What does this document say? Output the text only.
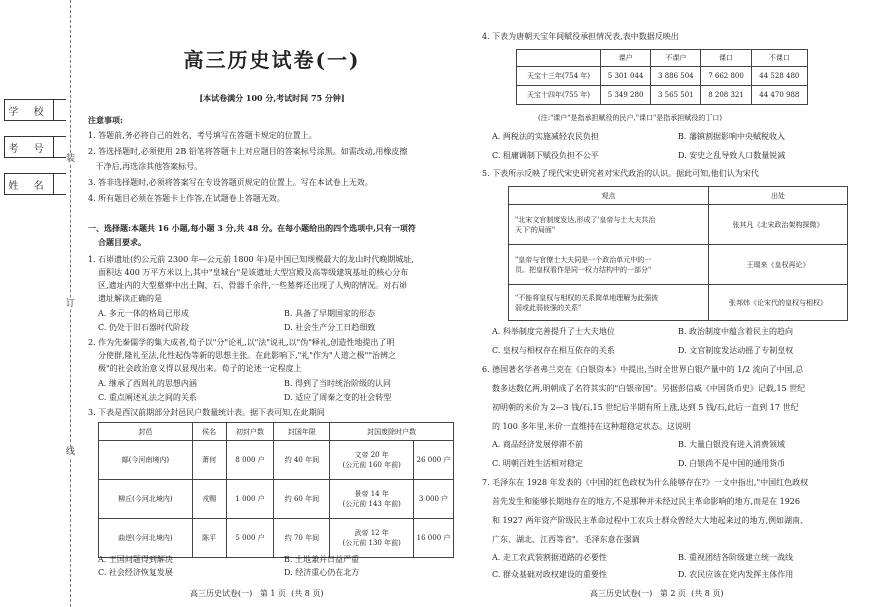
装
订
线
学 校
考 号
姓 名
高三历史试卷(一)
[本试卷满分 100 分,考试时间 75 分钟]
注意事项:
1. 答题前,务必将自己的姓名、考号填写在答题卡规定的位置上。
2. 答选择题时,必须使用 2B 铅笔将答题卡上对应题目的答案标号涂黑。如需改动,用橡皮擦
干净后,再选涂其他答案标号。
3. 答非选择题时,必须将答案写在专设答题页规定的位置上。写在本试卷上无效。
4. 所有题目必须在答题卡上作答,在试题卷上答题无效。
一、选择题:本题共 16 小题,每小题 3 分,共 48 分。在每小题给出的四个选项中,只有一项符
合题目要求。
1. 石峁遗址(约公元前 2300 年—公元前 1800 年)是中国已知规模最大的龙山时代晚期城址,
面积达 400 万平方米以上,其中"皇城台"是该遗址大型宫殿及高等级建筑基址的核心分布
区,遗址内的大型墓葬中出土陶、石、骨器千余件,一些墓葬还出现了人殉的情况。对石峁
遗址解读正确的是
A. 多元一体的格局已形成	B. 具备了早期国家的形态
C. 仍处于旧石器时代阶段	D. 社会生产分工日趋细致
2. 作为先秦儒学的集大成者,荀子以"分"论礼,以"法"说礼,以"伪"释礼,创造性地提出了明
分使群,隆礼至法,化性起伪等新的思想主张。在此影响下,"礼"作为"人道之极""治辨之
极"的社会政治意义得以显现出来。荀子的论述一定程度上
A. 继承了西周礼的思想内涵	B. 得到了当时统治阶级的认同
C. 重点阐述礼法之间的关系	D. 适应了周秦之变的社会转型
3. 下表是西汉前期部分封邑民户数量统计表。据下表可知,在此期间
封邑	侯名	初封户数	封国年限	封国废除时户数	
鄗(今河南境内)	萧何	8 000 户	约 40 年间	文帝 20 年
(公元前 160 年前)	26 000 户
柳丘(今河北境内)	戎赐	1 000 户	约 60 年间	景帝 14 年
(公元前 143 年前)	3 000 户
曲逆(今河北境内)	陈平	5 000 户	约 70 年间	武帝 12 年
(公元前 130 年前)	16 000 户
A. 王国问题得到解决	B. 土地兼并日益严重
C. 社会经济恢复发展	D. 经济重心仍在北方
高三历史试卷(一)   第 1 页  (共 8 页)
4. 下表为唐朝天宝年间赋役承担情况表,表中数据反映出
	课户	不课户	课口	不课口
天宝十三年(754 年)	5 301 044	3 886 504	7 662 800	44 528 480
天宝十四年(755 年)	5 349 280	3 565 501	8 208 321	44 470 988
(注:"课户"是指承担赋役的民户,"课口"是指承担赋役的丁口)
A. 两税法的实施减轻农民负担	B. 藩镇割据影响中央赋税收入
C. 租庸调制下赋役负担不公平	D. 安史之乱导致人口数量锐减
5. 下表所示反映了现代宋史研究者对宋代政治的认识。据此可知,他们认为宋代
观点	出处

"北宋文官制度发达,形成了'皇帝与士大夫共治
天下'的局面"	张其凡《北宋政治架构探微》

"皇帝与官僚士大夫同是一个政治单元中的一
员。把皇权看作是同一权力结构中的一部分"	王瑞来《皇权再论》

"不能将皇权与相权的关系简单地理解为此强彼
弱或此弱彼强的关系"	张邦炜《论宋代的皇权与相权》
A. 科举制度完善提升了士大夫地位	B. 政治制度中蕴含着民主的趋向
C. 皇权与相权存在相互依存的关系	D. 文官制度发达动摇了专制皇权
6. 德国著名学者弗兰克在《白银资本》中提出,当时全世界白银产量中的 1/2 流向了中国,总
数多达数亿两,明朝成了名符其实的"白银帝国"。另据彭信威《中国货币史》记载,15 世纪
初明朝的米价为 2—3 钱/石,15 世纪后半期有所上涨,达到 5 钱/石,此后一直到 17 世纪
的 100 多年里,米价一直维持在这种超稳定状态。这说明
A. 商品经济发展停滞不前	B. 大量白银没有进入消费领域
C. 明朝百姓生活相对稳定	D. 白银尚不是中国的通用货币
7. 毛泽东在 1928 年发表的《中国的红色政权为什么能够存在?》一文中指出,"中国红色政权
首先发生和能够长期地存在的地方,不是那种并未经过民主革命影响的地方,而是在 1926
和 1927 两年资产阶级民主革命过程中工农兵士群众曾经大大地起来过的地方,例如湖南、
广东、湖北、江西等省"。毛泽东意在强调
A. 走工农武装割据道路的必要性	B. 重视团结各阶级建立统一战线
C. 群众基础对政权建设的重要性	D. 农民应该在党内发挥主体作用
高三历史试卷(一)   第 2 页  (共 8 页)
